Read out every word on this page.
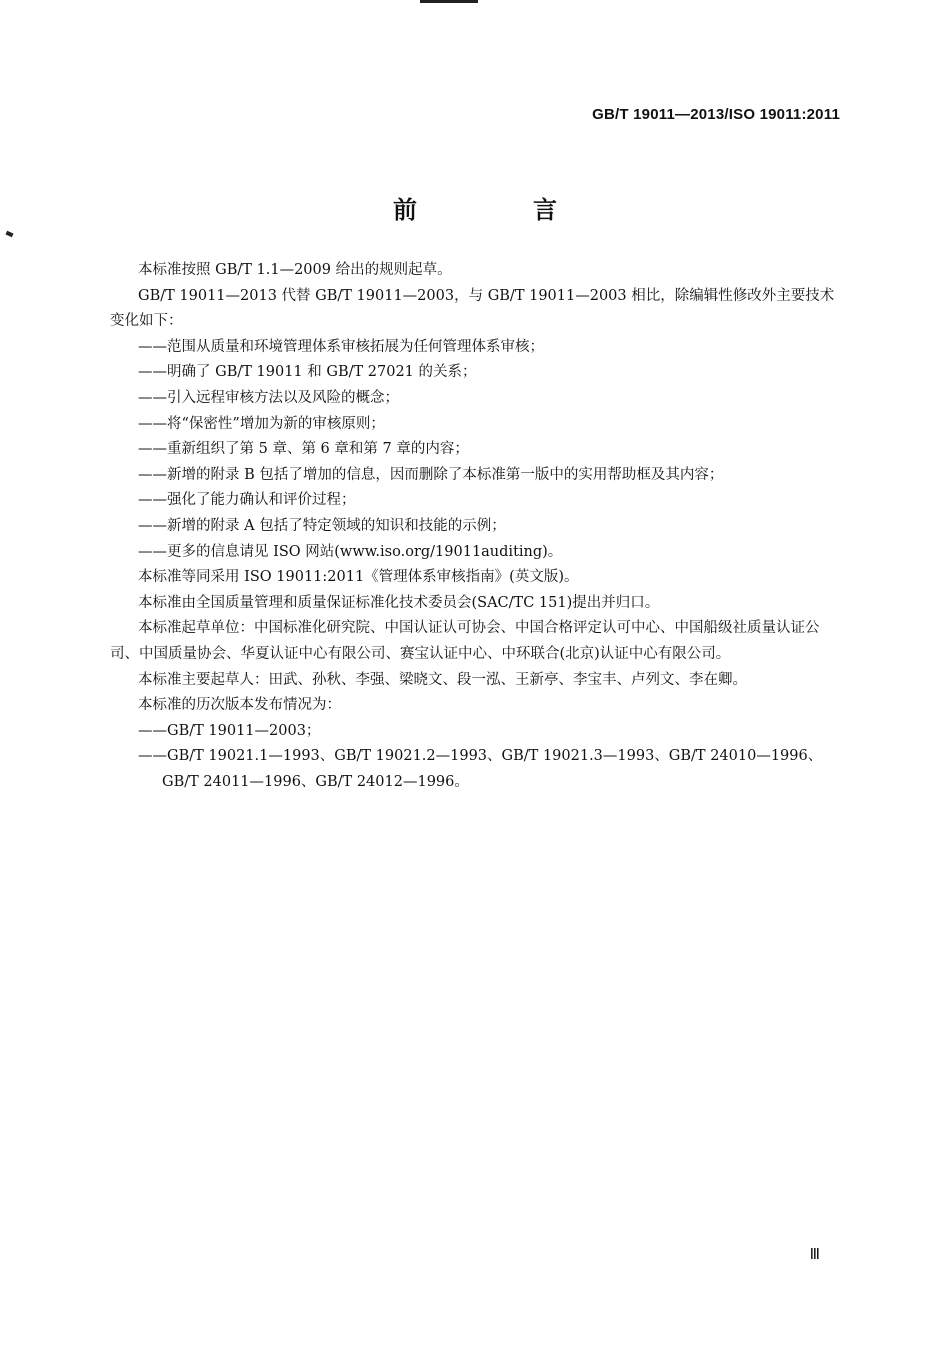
GB/T 19011—2013/ISO 19011:2011
前　言

本标准按照 GB/T 1.1—2009 给出的规则起草。

GB/T 19011—2013 代替 GB/T 19011—2003，与 GB/T 19011—2003 相比，除编辑性修改外主要技术变化如下：

——范围从质量和环境管理体系审核拓展为任何管理体系审核；

——明确了 GB/T 19011 和 GB/T 27021 的关系；

——引入远程审核方法以及风险的概念；

——将“保密性”增加为新的审核原则；

——重新组织了第 5 章、第 6 章和第 7 章的内容；

——新增的附录 B 包括了增加的信息，因而删除了本标准第一版中的实用帮助框及其内容；

——强化了能力确认和评价过程；

——新增的附录 A 包括了特定领域的知识和技能的示例；

——更多的信息请见 ISO 网站(www.iso.org/19011auditing)。

本标准等同采用 ISO 19011:2011《管理体系审核指南》(英文版)。

本标准由全国质量管理和质量保证标准化技术委员会(SAC/TC 151)提出并归口。

本标准起草单位：中国标准化研究院、中国认证认可协会、中国合格评定认可中心、中国船级社质量认证公司、中国质量协会、华夏认证中心有限公司、赛宝认证中心、中环联合(北京)认证中心有限公司。

本标准主要起草人：田武、孙秋、李强、梁晓文、段一泓、王新亭、李宝丰、卢列文、李在卿。

本标准的历次版本发布情况为：

——GB/T 19011—2003；

——GB/T 19021.1—1993、GB/T 19021.2—1993、GB/T 19021.3—1993、GB/T 24010—1996、
GB/T 24011—1996、GB/T 24012—1996。

Ⅲ
